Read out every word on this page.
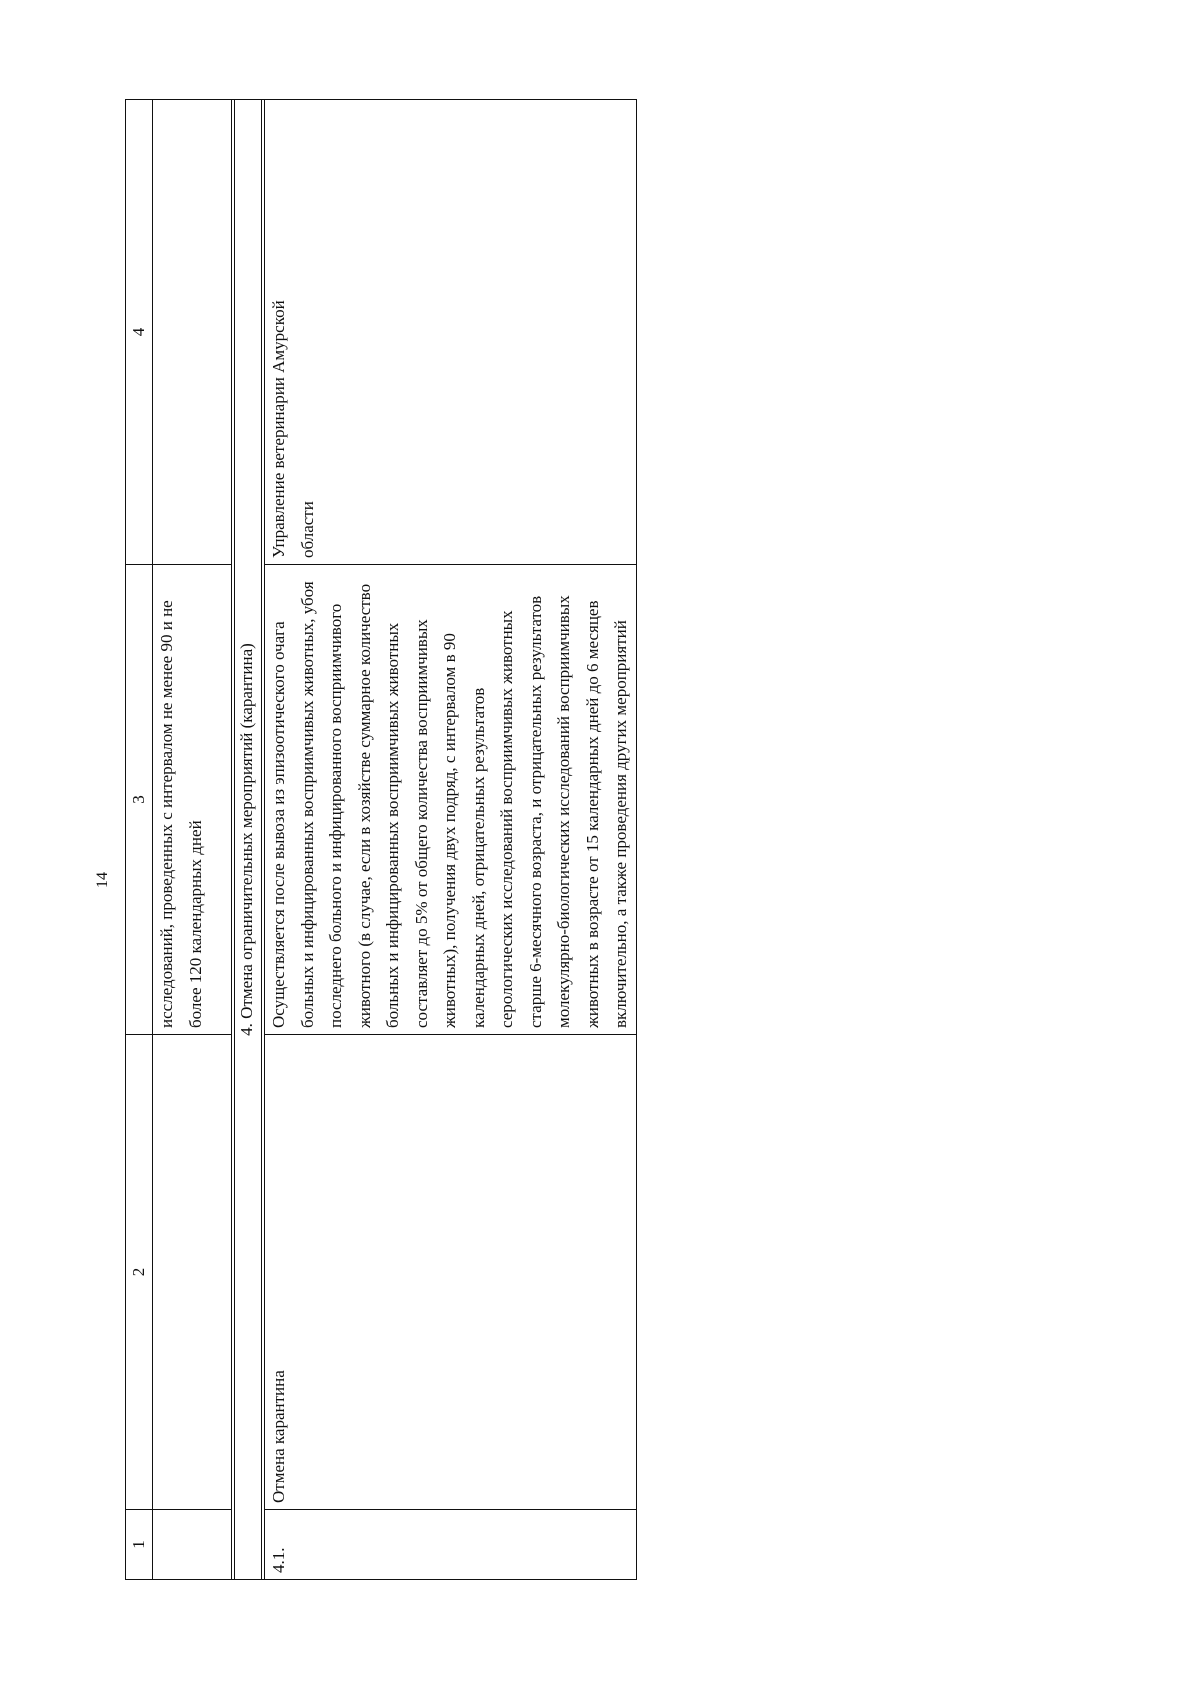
14
1	2	3	4
		исследований, проведенных с интервалом не менее 90 и не более 120 календарных дней	

4. Отмена ограничительных мероприятий (карантина)			

4.1.	Отмена карантина	Осуществляется после вывоза из эпизоотического очага больных и инфицированных восприимчивых животных, убоя последнего больного и инфицированного восприимчивого животного (в случае, если в хозяйстве суммарное количество больных и инфицированных восприимчивых животных составляет до 5% от общего количества восприимчивых животных), получения двух подряд, с интервалом в 90 календарных дней, отрицательных результатов серологических исследований восприимчивых животных старше 6-месячного возраста, и отрицательных результатов молекулярно-биологических исследований восприимчивых животных в возрасте от 15 календарных дней до 6 месяцев включительно, а также проведения других мероприятий	Управление ветеринарии Амурской области
